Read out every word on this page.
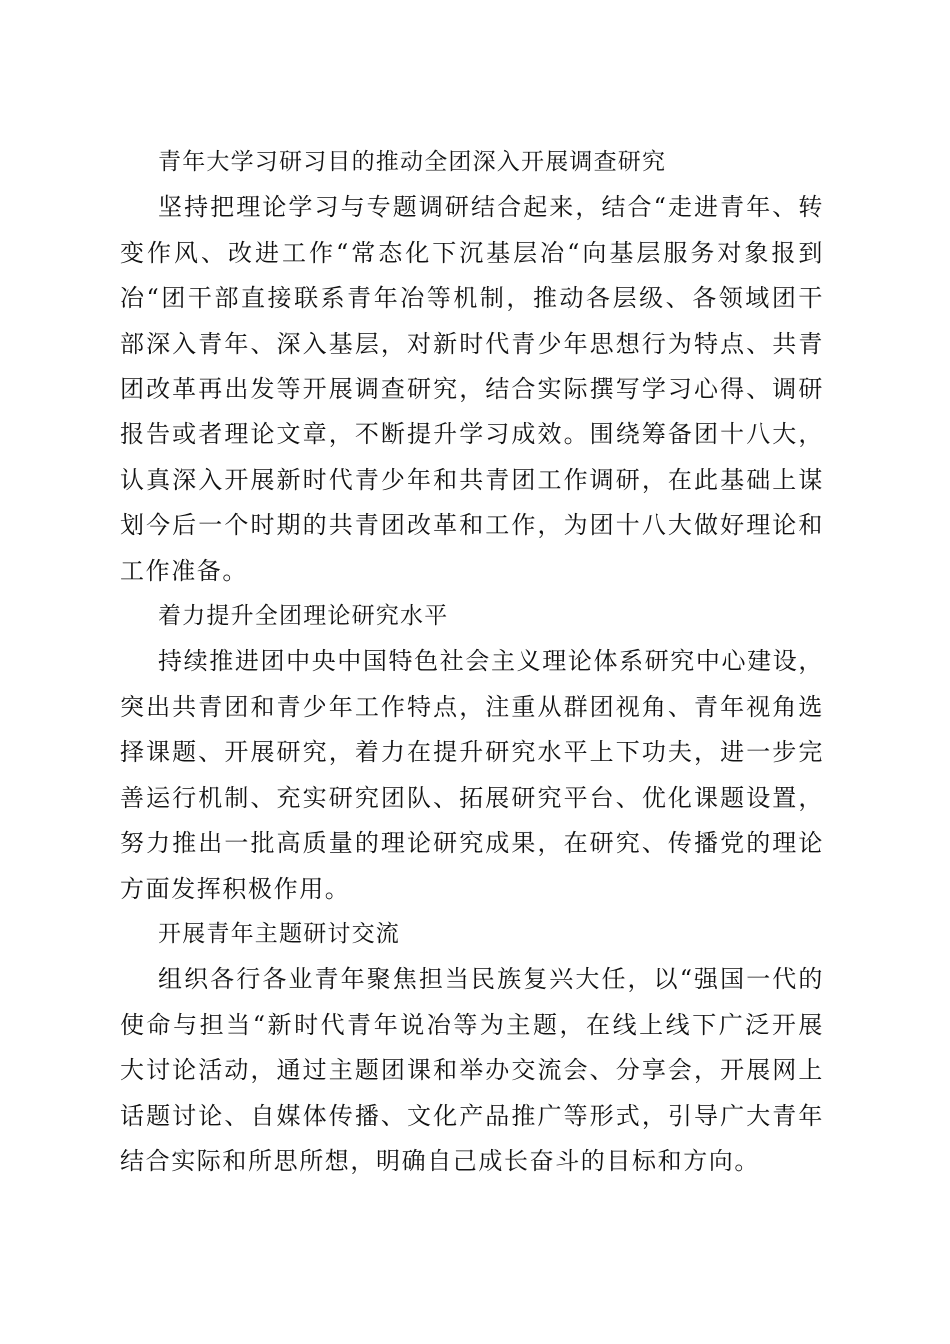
青年大学习研习目的推动全团深入开展调查研究

坚持把理论学习与专题调研结合起来，结合“走进青年、转变作风、改进工作“常态化下沉基层冶“向基层服务对象报到冶“团干部直接联系青年冶等机制，推动各层级、各领域团干部深入青年、深入基层，对新时代青少年思想行为特点、共青团改革再出发等开展调查研究，结合实际撰写学习心得、调研报告或者理论文章，不断提升学习成效。围绕筹备团十八大，认真深入开展新时代青少年和共青团工作调研，在此基础上谋划今后一个时期的共青团改革和工作，为团十八大做好理论和工作准备。

着力提升全团理论研究水平

持续推进团中央中国特色社会主义理论体系研究中心建设，突出共青团和青少年工作特点，注重从群团视角、青年视角选择课题、开展研究，着力在提升研究水平上下功夫，进一步完善运行机制、充实研究团队、拓展研究平台、优化课题设置，努力推出一批高质量的理论研究成果，在研究、传播党的理论方面发挥积极作用。

开展青年主题研讨交流

组织各行各业青年聚焦担当民族复兴大任，以“强国一代的使命与担当“新时代青年说冶等为主题，在线上线下广泛开展大讨论活动，通过主题团课和举办交流会、分享会，开展网上话题讨论、自媒体传播、文化产品推广等形式，引导广大青年结合实际和所思所想，明确自己成长奋斗的目标和方向。
